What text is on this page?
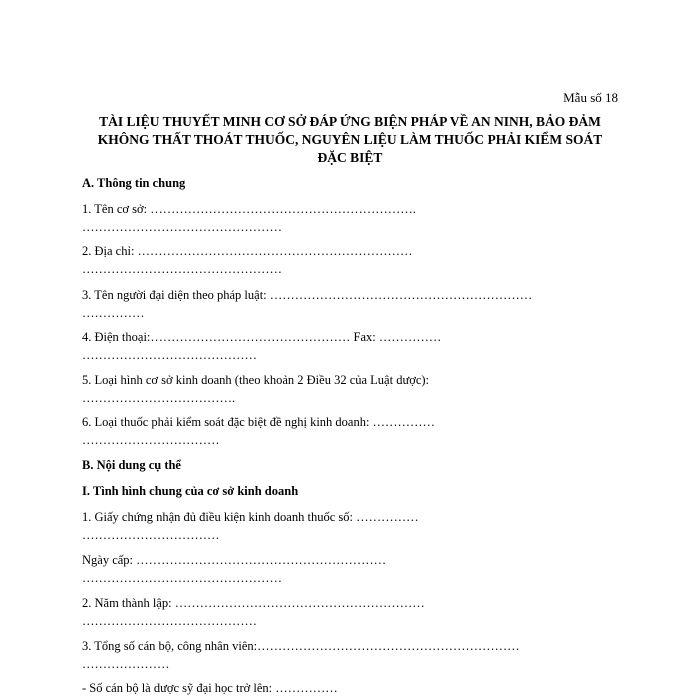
Mẫu số 18
TÀI LIỆU THUYẾT MINH CƠ SỞ ĐÁP ỨNG BIỆN PHÁP VỀ AN NINH, BẢO ĐẢM
KHÔNG THẤT THOÁT THUỐC, NGUYÊN LIỆU LÀM THUỐC PHẢI KIỂM SOÁT
ĐẶC BIỆT
A. Thông tin chung
1. Tên cơ sở: ……………………………………………………….
…………………………………………
2. Địa chỉ: …………………………………………………………
…………………………………………
3. Tên người đại diện theo pháp luật: ………………………………………………………
……………
4. Điện thoại:………………………………………… Fax: ……………
……………………………………
5. Loại hình cơ sở kinh doanh (theo khoản 2 Điều 32 của Luật dược):
……………………………….
6. Loại thuốc phải kiểm soát đặc biệt đề nghị kinh doanh: ……………
……………………………
B. Nội dung cụ thể
I. Tình hình chung của cơ sở kinh doanh
1. Giấy chứng nhận đủ điều kiện kinh doanh thuốc số: ……………
……………………………
Ngày cấp: ……………………………………………………
…………………………………………
2. Năm thành lập: ……………………………………………………
……………………………………
3. Tổng số cán bộ, công nhân viên:………………………………………………………
…………………
- Số cán bộ là dược sỹ đại học trở lên: ……………
